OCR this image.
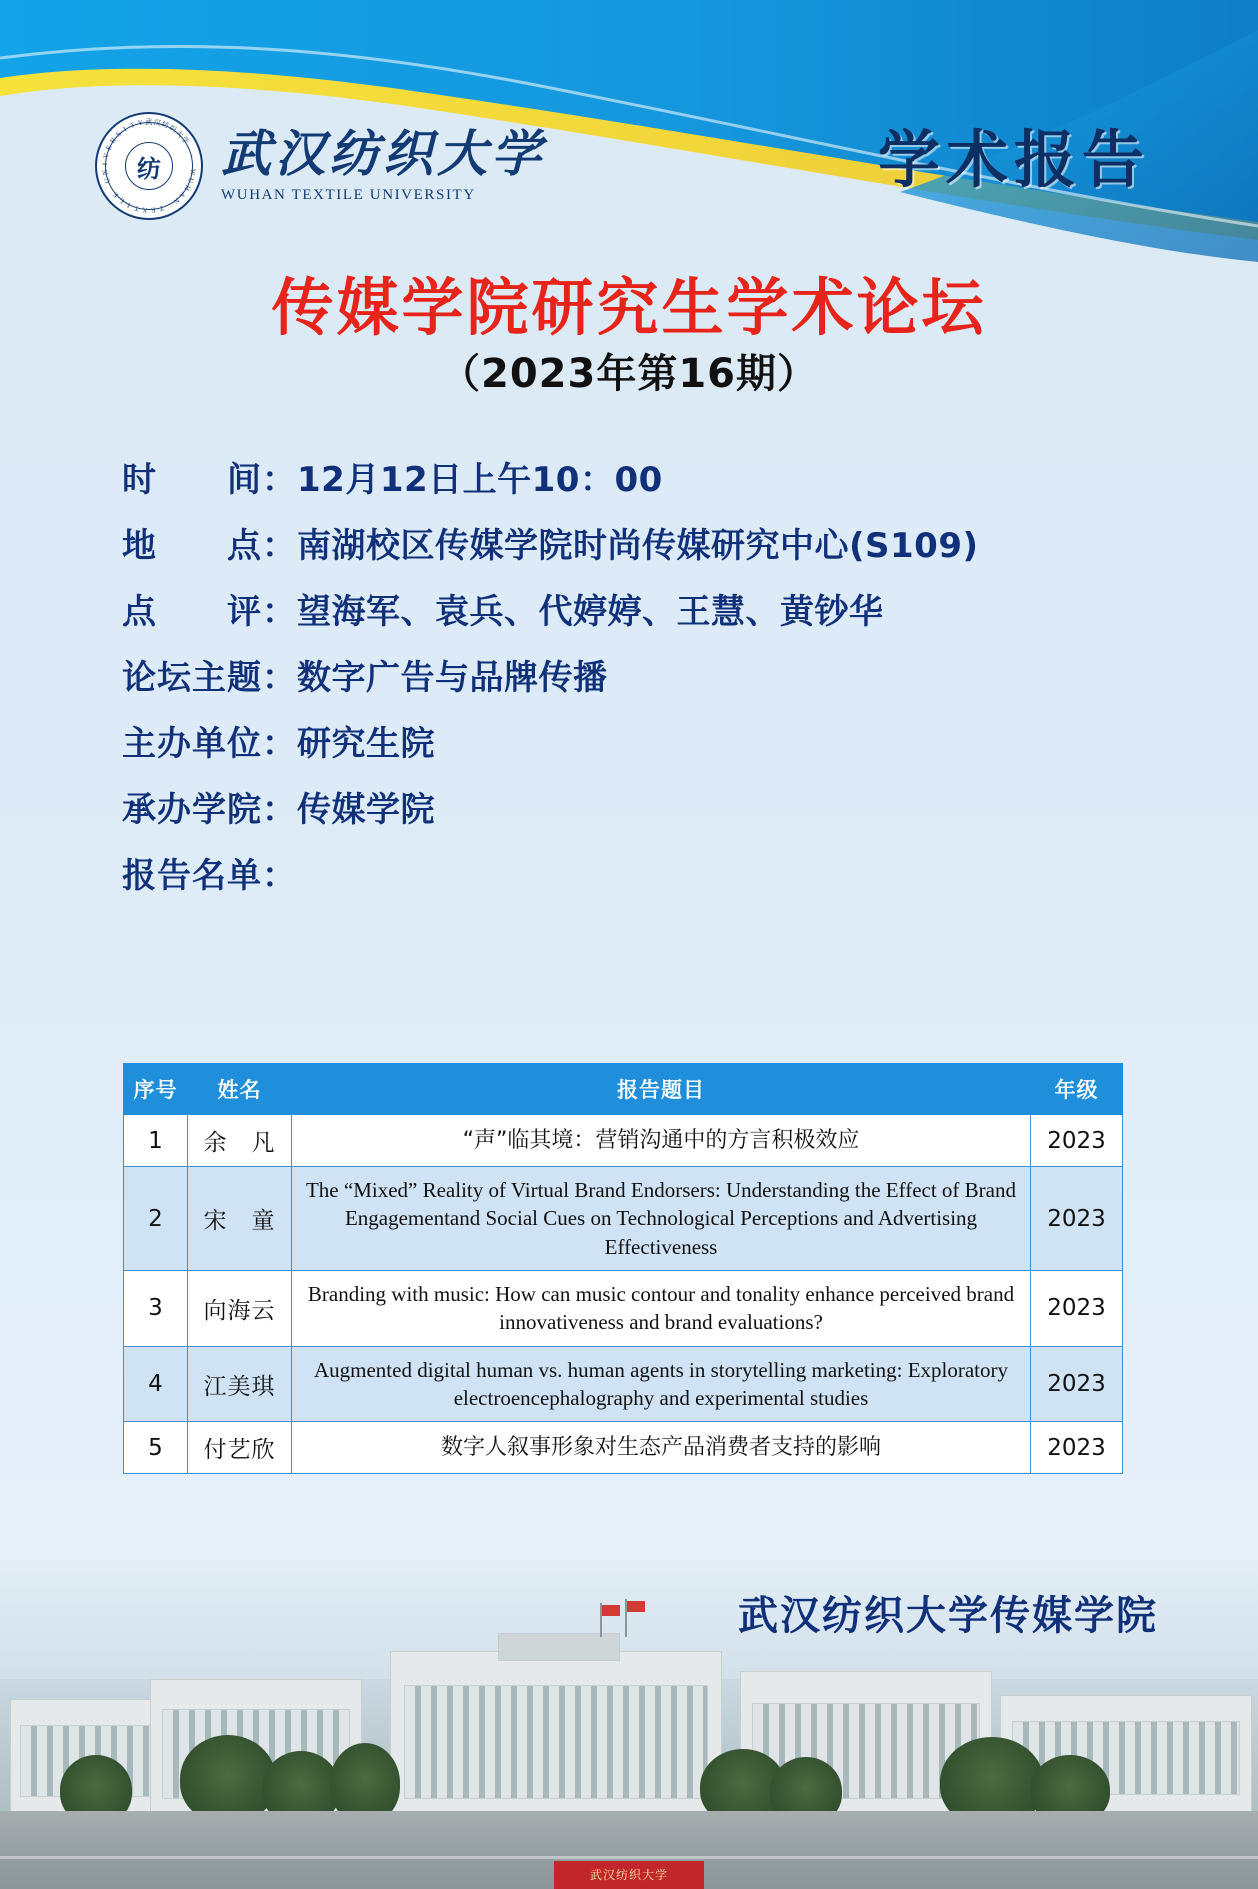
武 汉
纺
织
大
学
·
W
U
H
A
N
T
E
X
T
I
L
E
U
N
I
V
E
R
S
I T Y
纺 武汉纺织大学
WUHAN TEXTILE UNIVERSITY	学术报告
传媒学院研究生学术论坛
（2023年第16期）
时　　间： 12月12日上午10：00
地　　点： 南湖校区传媒学院时尚传媒研究中心(S109)
点　　评： 望海军、袁兵、代婷婷、王慧、黄钞华
论坛主题： 数字广告与品牌传播
主办单位： 研究生院
承办学院： 传媒学院
报告名单：
序号	姓名	报告题目	年级
1	余　凡	“声”临其境：营销沟通中的方言积极效应	2023
2	宋　童	The “Mixed” Reality of Virtual Brand Endorsers: Understanding the Effect of Brand Engagementand Social Cues on Technological Perceptions and Advertising Effectiveness	2023
3	向海云	Branding with music: How can music contour and tonality enhance perceived brand innovativeness and brand evaluations?	2023
4	江美琪	Augmented digital human vs. human agents in storytelling marketing: Exploratory electroencephalography and experimental studies	2023
5	付艺欣	数字人叙事形象对生态产品消费者支持的影响	2023
武汉纺织大学传媒学院
武汉纺织大学
